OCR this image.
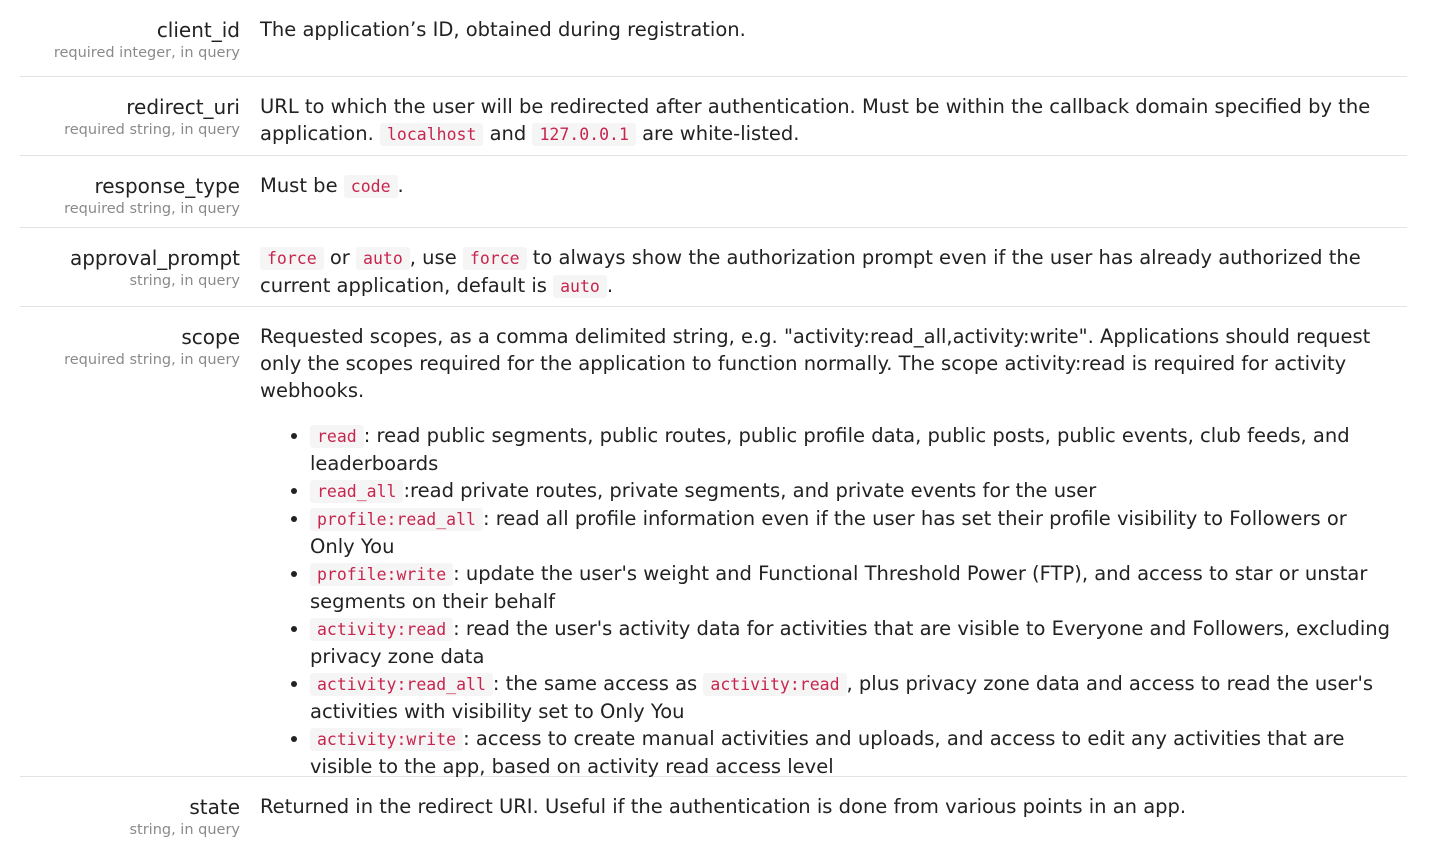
client_id
required integer, in query
The application’s ID, obtained during registration.
redirect_uri
required string, in query
URL to which the user will be redirected after authentication. Must be within the callback domain specified by the application. localhost and 127.0.0.1 are white-listed.
response_type
required string, in query
Must be code .
approval_prompt
string, in query
force or auto , use force to always show the authorization prompt even if the user has already authorized the current application, default is auto .
scope
required string, in query
Requested scopes, as a comma delimited string, e.g. "activity:read_all,activity:write". Applications should request only the scopes required for the application to function normally. The scope activity:read is required for activity webhooks.
• read : read public segments, public routes, public profile data, public posts, public events, club feeds, and leaderboards
• read_all :read private routes, private segments, and private events for the user
• profile:read_all : read all profile information even if the user has set their profile visibility to Followers or Only You
• profile:write : update the user's weight and Functional Threshold Power (FTP), and access to star or unstar segments on their behalf
• activity:read : read the user's activity data for activities that are visible to Everyone and Followers, excluding privacy zone data
• activity:read_all : the same access as activity:read , plus privacy zone data and access to read the user's activities with visibility set to Only You
• activity:write : access to create manual activities and uploads, and access to edit any activities that are visible to the app, based on activity read access level
state
string, in query
Returned in the redirect URI. Useful if the authentication is done from various points in an app.
